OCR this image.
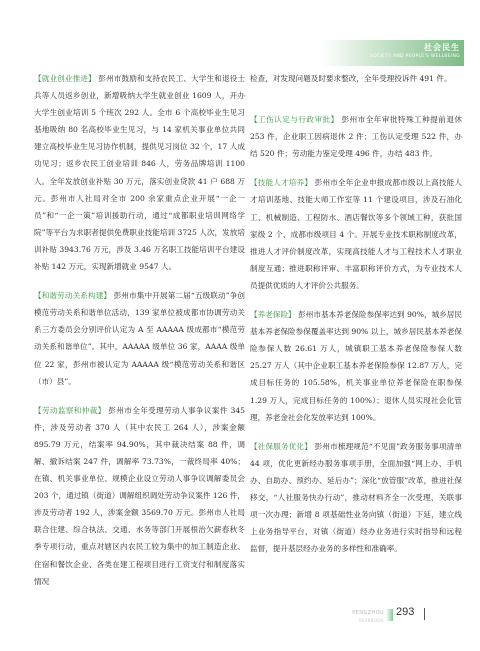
社会民生
SOCIETY AND PEOPLE'S WELLBEING

【就业创业推进】 彭州市鼓励和支持农民工、大学生和退役士兵等人员返乡创业，新增吸纳大学生就业创业 1609 人，开办大学生创业培训 5 个班次 292 人。全市 6 个高校毕业生见习基地吸纳 80 名高校毕业生见习，与 14 家机关事业单位共同建立高校毕业生见习协作机制，提供见习岗位 32 个，17 人成功见习；返乡农民工创业培训 846 人，劳务品牌培训 1100 人。全年发放创业补贴 30 万元，落实创业贷款 41 户 688 万元。彭州市人社局对全市 200 余家重点企业开展“一企一员”和“一企一策”培训援助行动，通过“成都职业培训网络学院”等平台为求职者提供免费职业技能培训 3725 人次，发放培训补贴 3943.76 万元，涉及 3.46 万名职工技能培训平台建设补贴 142 万元，实现新增就业 9547 人。

【和谐劳动关系构建】 彭州市集中开展第二届“五级联动”争创模范劳动关系和谐单位活动，139 家单位被成都市协调劳动关系三方委员会分别评价认定为 A 至 AAAAA 级成都市“模范劳动关系和谐单位”。其中，AAAAA 级单位 36 家，AAAA 级单位 22 家，彭州市被认定为 AAAAA 级“模范劳动关系和谐区（市）县”。

【劳动监察和仲裁】 彭州市全年受理劳动人事争议案件 345 件，涉及劳动者 370 人（其中农民工 264 人），涉案金额 895.79 万元，结案率 94.90%，其中裁决结案 88 件，调解、撤诉结案 247 件，调解率 73.73%，一裁终局率 40%；在镇、机关事业单位、规模企业设立劳动人事争议调解委员会 203 个，通过镇（街道）调解组织调处劳动争议案件 126 件，涉及劳动者 192 人，涉案金额 3569.70 万元。彭州市人社局联合住建、综合执法、交通、水务等部门开展根治欠薪春秋冬季专项行动，重点对辖区内农民工较为集中的加工制造企业、住宿和餐饮企业、各类在建工程项目进行工资支付和制度落实情况

检查，对发现问题及时要求整改，全年受理投诉件 491 件。

【工伤认定与行政审批】 彭州市全年审批特殊工种提前退休 253 件，企业职工因病退休 2 件；工伤认定受理 522 件，办结 520 件；劳动能力鉴定受理 496 件，办结 483 件。

【技能人才培养】 彭州市全年企业申报成都市级以上高技能人才培训基地、技能大师工作室等 11 个建设项目，涉及石油化工、机械制造、工程防水、酒店餐饮等多个领域工种，获批国家级 2 个、成都市级项目 4 个。开展专业技术职称制度改革，推进人才评价制度改革，实现高技能人才与工程技术人才职业制度互通；推进职称评审、丰富职称评价方式，为专业技术人员提供优质的人才评价公共服务。

【养老保险】 彭州市基本养老保险参保率达到 90%，城乡居民基本养老保险参保覆盖率达到 90% 以上，城乡居民基本养老保险参保人数 26.61 万人，城镇职工基本养老保险参保人数 25.27 万人（其中企业职工基本养老保险参保 12.87 万人，完成目标任务的 105.58%，机关事业单位养老保险在职参保 1.29 万人，完成目标任务的 100%）；退休人员实现社会化管理，养老金社会化发放率达到 100%。

【社保服务优化】 彭州市梳理规范“不见面”政务服务事项清单 44 项，优化更新经办服务事项手册，全面加强“网上办、手机办、自助办、预约办、延后办”；深化“放管服”改革，推进社保移交，“人社服务快办行动”，推动材料齐全一次受理、关联事项一次办理；新增 8 项基础性业务向镇（街道）下延，建立线上业务指导平台，对镇（街道）经办业务进行实时指导和远程监督，提升基层经办业务的多样性和准确率。

PENGZHOU
YEARBOOK
293
